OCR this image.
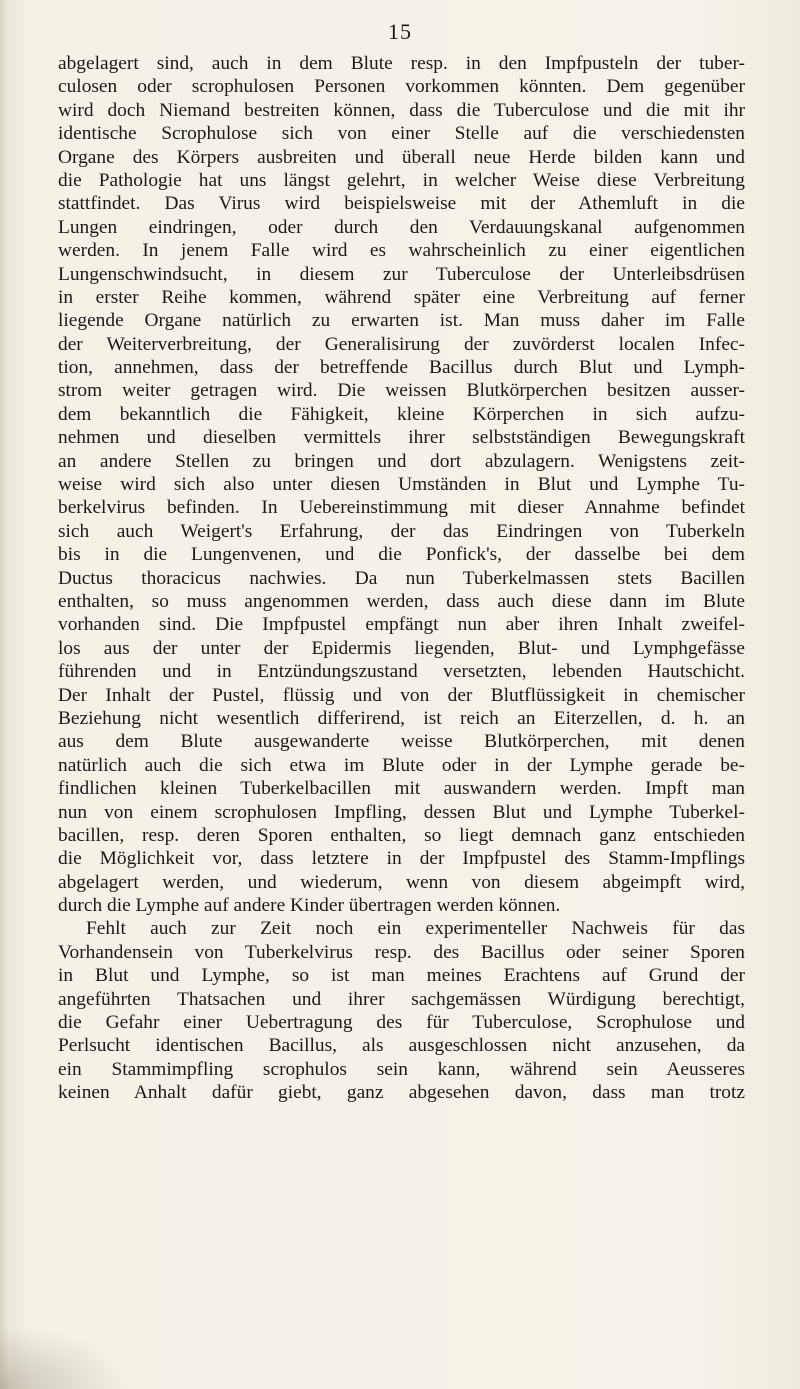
15
abgelagert sind, auch in dem Blute resp. in den Impfpusteln der tuber-
culosen oder scrophulosen Personen vorkommen könnten. Dem gegenüber
wird doch Niemand bestreiten können, dass die Tuberculose und die mit ihr
identische Scrophulose sich von einer Stelle auf die verschiedensten
Organe des Körpers ausbreiten und überall neue Herde bilden kann und
die Pathologie hat uns längst gelehrt, in welcher Weise diese Verbreitung
stattfindet. Das Virus wird beispielsweise mit der Athemluft in die
Lungen eindringen, oder durch den Verdauungskanal aufgenommen
werden. In jenem Falle wird es wahrscheinlich zu einer eigentlichen
Lungenschwindsucht, in diesem zur Tuberculose der Unterleibsdrüsen
in erster Reihe kommen, während später eine Verbreitung auf ferner
liegende Organe natürlich zu erwarten ist. Man muss daher im Falle
der Weiterverbreitung, der Generalisirung der zuvörderst localen Infec-
tion, annehmen, dass der betreffende Bacillus durch Blut und Lymph-
strom weiter getragen wird. Die weissen Blutkörperchen besitzen ausser-
dem bekanntlich die Fähigkeit, kleine Körperchen in sich aufzu-
nehmen und dieselben vermittels ihrer selbstständigen Bewegungskraft
an andere Stellen zu bringen und dort abzulagern. Wenigstens zeit-
weise wird sich also unter diesen Umständen in Blut und Lymphe Tu-
berkelvirus befinden. In Uebereinstimmung mit dieser Annahme befindet
sich auch Weigert's Erfahrung, der das Eindringen von Tuberkeln
bis in die Lungenvenen, und die Ponfick's, der dasselbe bei dem
Ductus thoracicus nachwies. Da nun Tuberkelmassen stets Bacillen
enthalten, so muss angenommen werden, dass auch diese dann im Blute
vorhanden sind. Die Impfpustel empfängt nun aber ihren Inhalt zweifel-
los aus der unter der Epidermis liegenden, Blut- und Lymphgefässe
führenden und in Entzündungszustand versetzten, lebenden Hautschicht.
Der Inhalt der Pustel, flüssig und von der Blutflüssigkeit in chemischer
Beziehung nicht wesentlich differirend, ist reich an Eiterzellen, d. h. an
aus dem Blute ausgewanderte weisse Blutkörperchen, mit denen
natürlich auch die sich etwa im Blute oder in der Lymphe gerade be-
findlichen kleinen Tuberkelbacillen mit auswandern werden. Impft man
nun von einem scrophulosen Impfling, dessen Blut und Lymphe Tuberkel-
bacillen, resp. deren Sporen enthalten, so liegt demnach ganz entschieden
die Möglichkeit vor, dass letztere in der Impfpustel des Stamm-Impflings
abgelagert werden, und wiederum, wenn von diesem abgeimpft wird,
durch die Lymphe auf andere Kinder übertragen werden können.
Fehlt auch zur Zeit noch ein experimenteller Nachweis für das
Vorhandensein von Tuberkelvirus resp. des Bacillus oder seiner Sporen
in Blut und Lymphe, so ist man meines Erachtens auf Grund der
angeführten Thatsachen und ihrer sachgemässen Würdigung berechtigt,
die Gefahr einer Uebertragung des für Tuberculose, Scrophulose und
Perlsucht identischen Bacillus, als ausgeschlossen nicht anzusehen, da
ein Stammimpfling scrophulos sein kann, während sein Aeusseres
keinen Anhalt dafür giebt, ganz abgesehen davon, dass man trotz
